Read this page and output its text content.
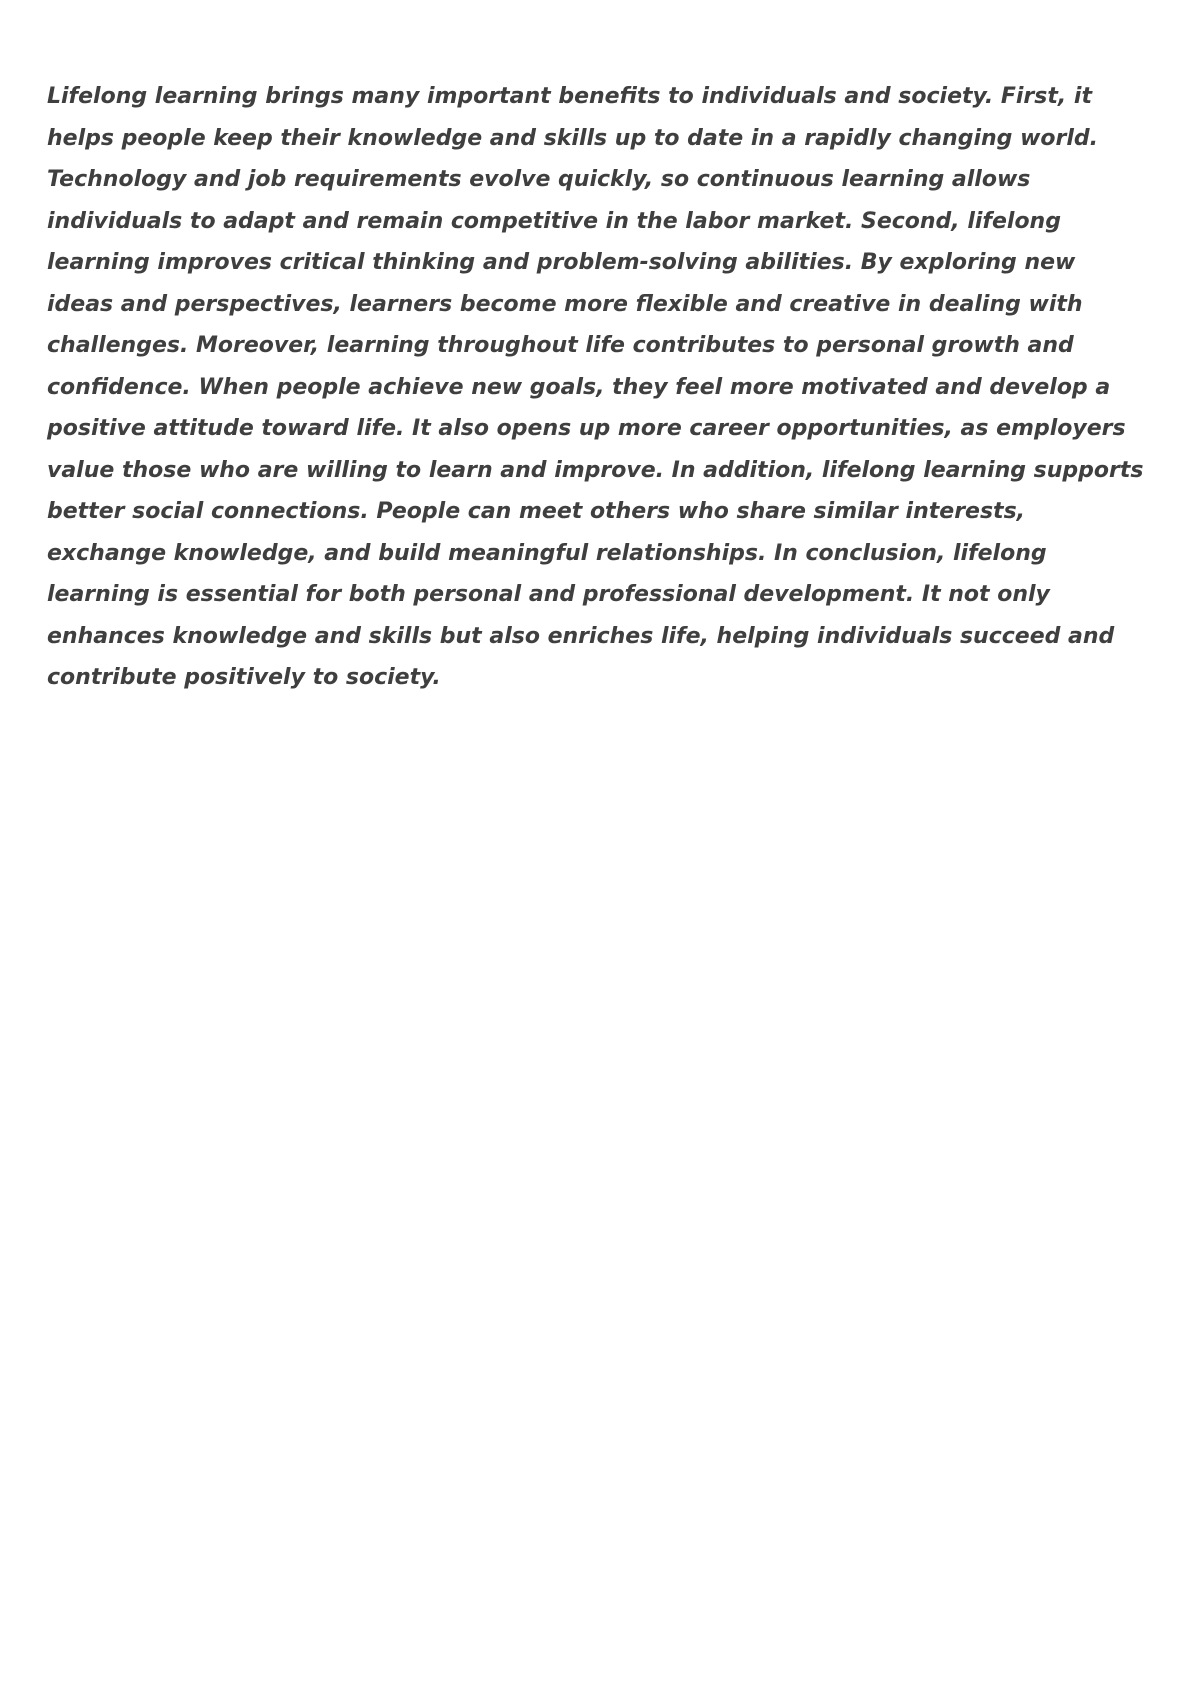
Lifelong learning brings many important benefits to individuals and society. First, it
helps people keep their knowledge and skills up to date in a rapidly changing world.
Technology and job requirements evolve quickly, so continuous learning allows
individuals to adapt and remain competitive in the labor market. Second, lifelong
learning improves critical thinking and problem-solving abilities. By exploring new
ideas and perspectives, learners become more flexible and creative in dealing with
challenges. Moreover, learning throughout life contributes to personal growth and
confidence. When people achieve new goals, they feel more motivated and develop a
positive attitude toward life. It also opens up more career opportunities, as employers
value those who are willing to learn and improve. In addition, lifelong learning supports
better social connections. People can meet others who share similar interests,
exchange knowledge, and build meaningful relationships. In conclusion, lifelong
learning is essential for both personal and professional development. It not only
enhances knowledge and skills but also enriches life, helping individuals succeed and
contribute positively to society.
